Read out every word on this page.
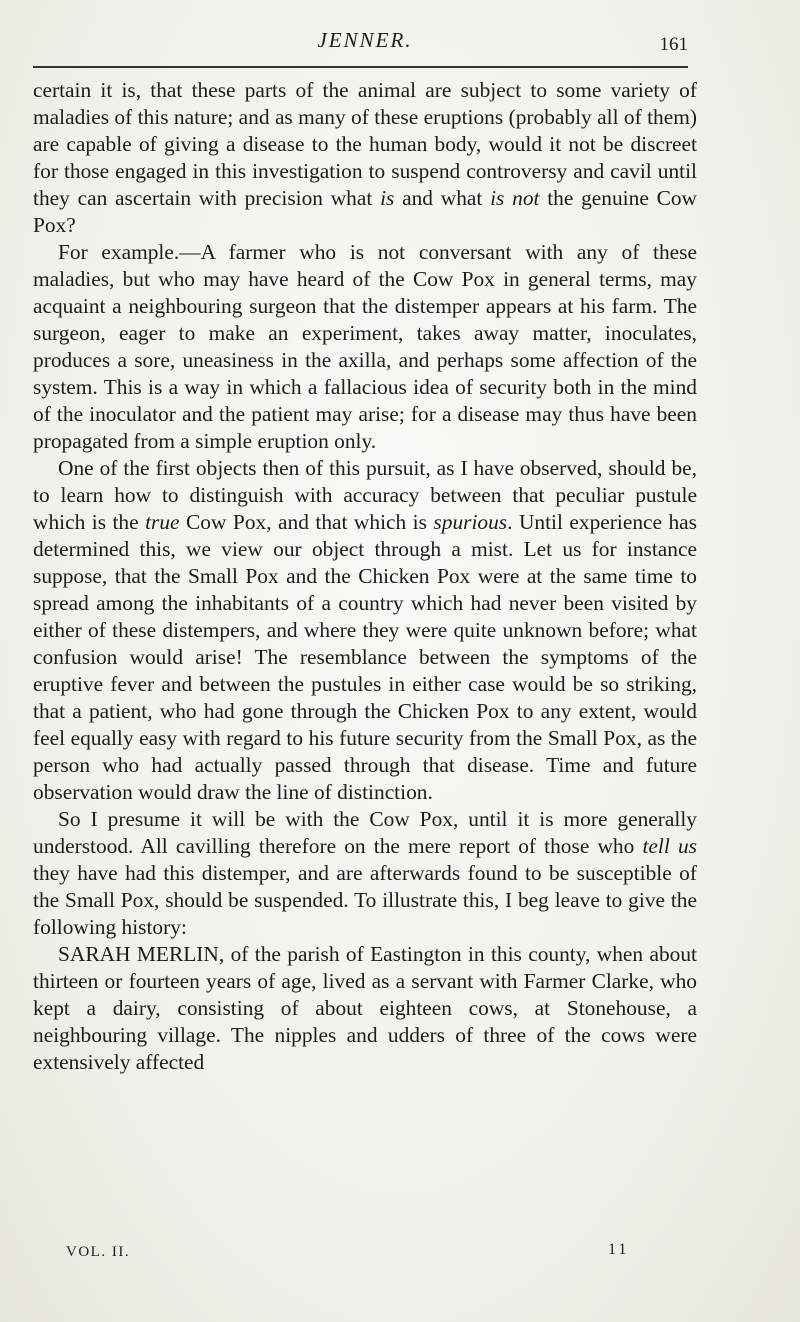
JENNER.	161

certain it is, that these parts of the animal are subject to some variety of maladies of this nature; and as many of these eruptions (probably all of them) are capable of giving a disease to the human body, would it not be discreet for those engaged in this investigation to suspend controversy and cavil until they can ascertain with precision what is and what is not the genuine Cow Pox?

For example.—A farmer who is not conversant with any of these maladies, but who may have heard of the Cow Pox in general terms, may acquaint a neighbouring surgeon that the distemper appears at his farm. The surgeon, eager to make an experiment, takes away matter, inoculates, produces a sore, uneasiness in the axilla, and perhaps some affection of the system. This is a way in which a fallacious idea of security both in the mind of the inoculator and the patient may arise; for a disease may thus have been propagated from a simple eruption only.

One of the first objects then of this pursuit, as I have observed, should be, to learn how to distinguish with accuracy between that peculiar pustule which is the true Cow Pox, and that which is spurious. Until experience has determined this, we view our object through a mist. Let us for instance suppose, that the Small Pox and the Chicken Pox were at the same time to spread among the inhabitants of a country which had never been visited by either of these distempers, and where they were quite unknown before; what confusion would arise! The resemblance between the symptoms of the eruptive fever and between the pustules in either case would be so striking, that a patient, who had gone through the Chicken Pox to any extent, would feel equally easy with regard to his future security from the Small Pox, as the person who had actually passed through that disease. Time and future observation would draw the line of distinction.

So I presume it will be with the Cow Pox, until it is more generally understood. All cavilling therefore on the mere report of those who tell us they have had this distemper, and are afterwards found to be susceptible of the Small Pox, should be suspended. To illustrate this, I beg leave to give the following history:

SARAH MERLIN, of the parish of Eastington in this county, when about thirteen or fourteen years of age, lived as a servant with Farmer Clarke, who kept a dairy, consisting of about eighteen cows, at Stonehouse, a neighbouring village. The nipples and udders of three of the cows were extensively affected

VOL. II.	11
